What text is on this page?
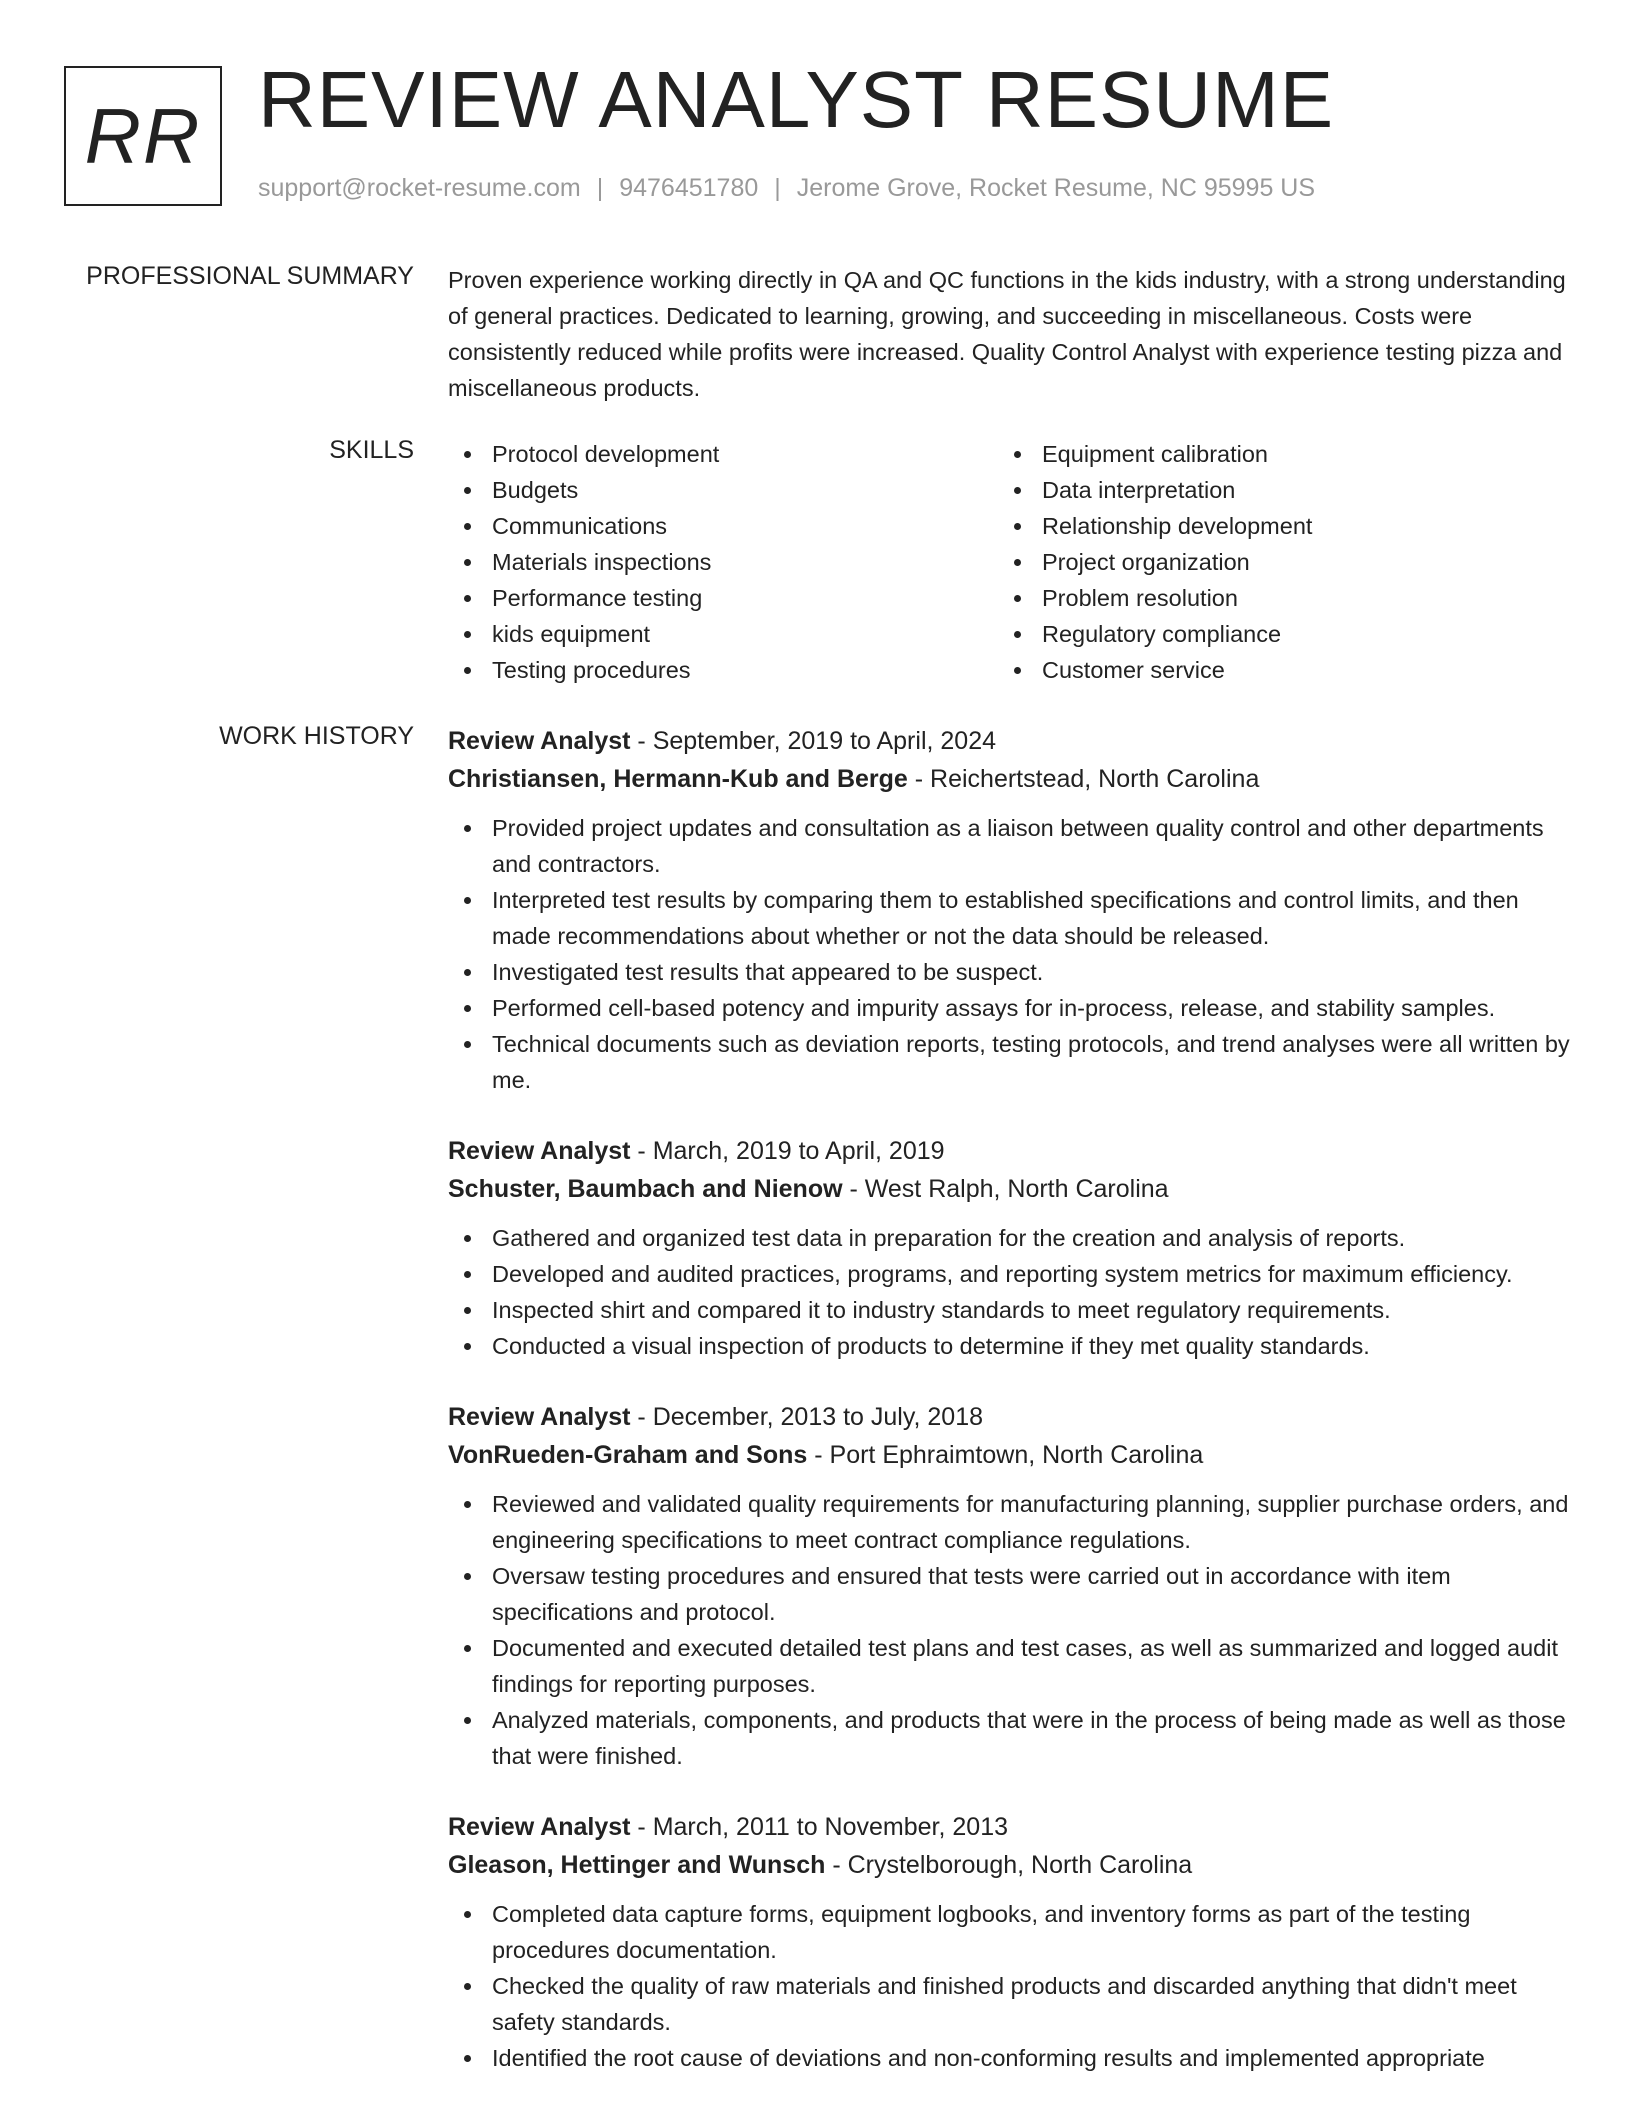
RR REVIEW ANALYST RESUME
support@rocket-resume.com | 9476451780 | Jerome Grove, Rocket Resume, NC 95995 US
PROFESSIONAL SUMMARY Proven experience working directly in QA and QC functions in the kids industry, with a strong understanding of general practices. Dedicated to learning, growing, and succeeding in miscellaneous. Costs were consistently reduced while profits were increased. Quality Control Analyst with experience testing pizza and miscellaneous products.

SKILLS	Protocol development
Budgets
Communications
Materials inspections
Performance testing
kids equipment
Testing procedures
Equipment calibration
Data interpretation
Relationship development
Project organization
Problem resolution
Regulatory compliance
Customer service
WORK HISTORY Review Analyst - September, 2019 to April, 2024
Christiansen, Hermann-Kub and Berge - Reichertstead, North Carolina
Provided project updates and consultation as a liaison between quality control and other departments and contractors.
Interpreted test results by comparing them to established specifications and control limits, and then made recommendations about whether or not the data should be released.
Investigated test results that appeared to be suspect.
Performed cell-based potency and impurity assays for in-process, release, and stability samples.
Technical documents such as deviation reports, testing protocols, and trend analyses were all written by me.
Review Analyst - March, 2019 to April, 2019
Schuster, Baumbach and Nienow - West Ralph, North Carolina
Gathered and organized test data in preparation for the creation and analysis of reports.
Developed and audited practices, programs, and reporting system metrics for maximum efficiency.
Inspected shirt and compared it to industry standards to meet regulatory requirements.
Conducted a visual inspection of products to determine if they met quality standards.
Review Analyst - December, 2013 to July, 2018
VonRueden-Graham and Sons - Port Ephraimtown, North Carolina
Reviewed and validated quality requirements for manufacturing planning, supplier purchase orders, and engineering specifications to meet contract compliance regulations.
Oversaw testing procedures and ensured that tests were carried out in accordance with item specifications and protocol.
Documented and executed detailed test plans and test cases, as well as summarized and logged audit findings for reporting purposes.
Analyzed materials, components, and products that were in the process of being made as well as those that were finished.
Review Analyst - March, 2011 to November, 2013
Gleason, Hettinger and Wunsch - Crystelborough, North Carolina
Completed data capture forms, equipment logbooks, and inventory forms as part of the testing procedures documentation.
Checked the quality of raw materials and finished products and discarded anything that didn't meet safety standards.
Identified the root cause of deviations and non-conforming results and implemented appropriate
